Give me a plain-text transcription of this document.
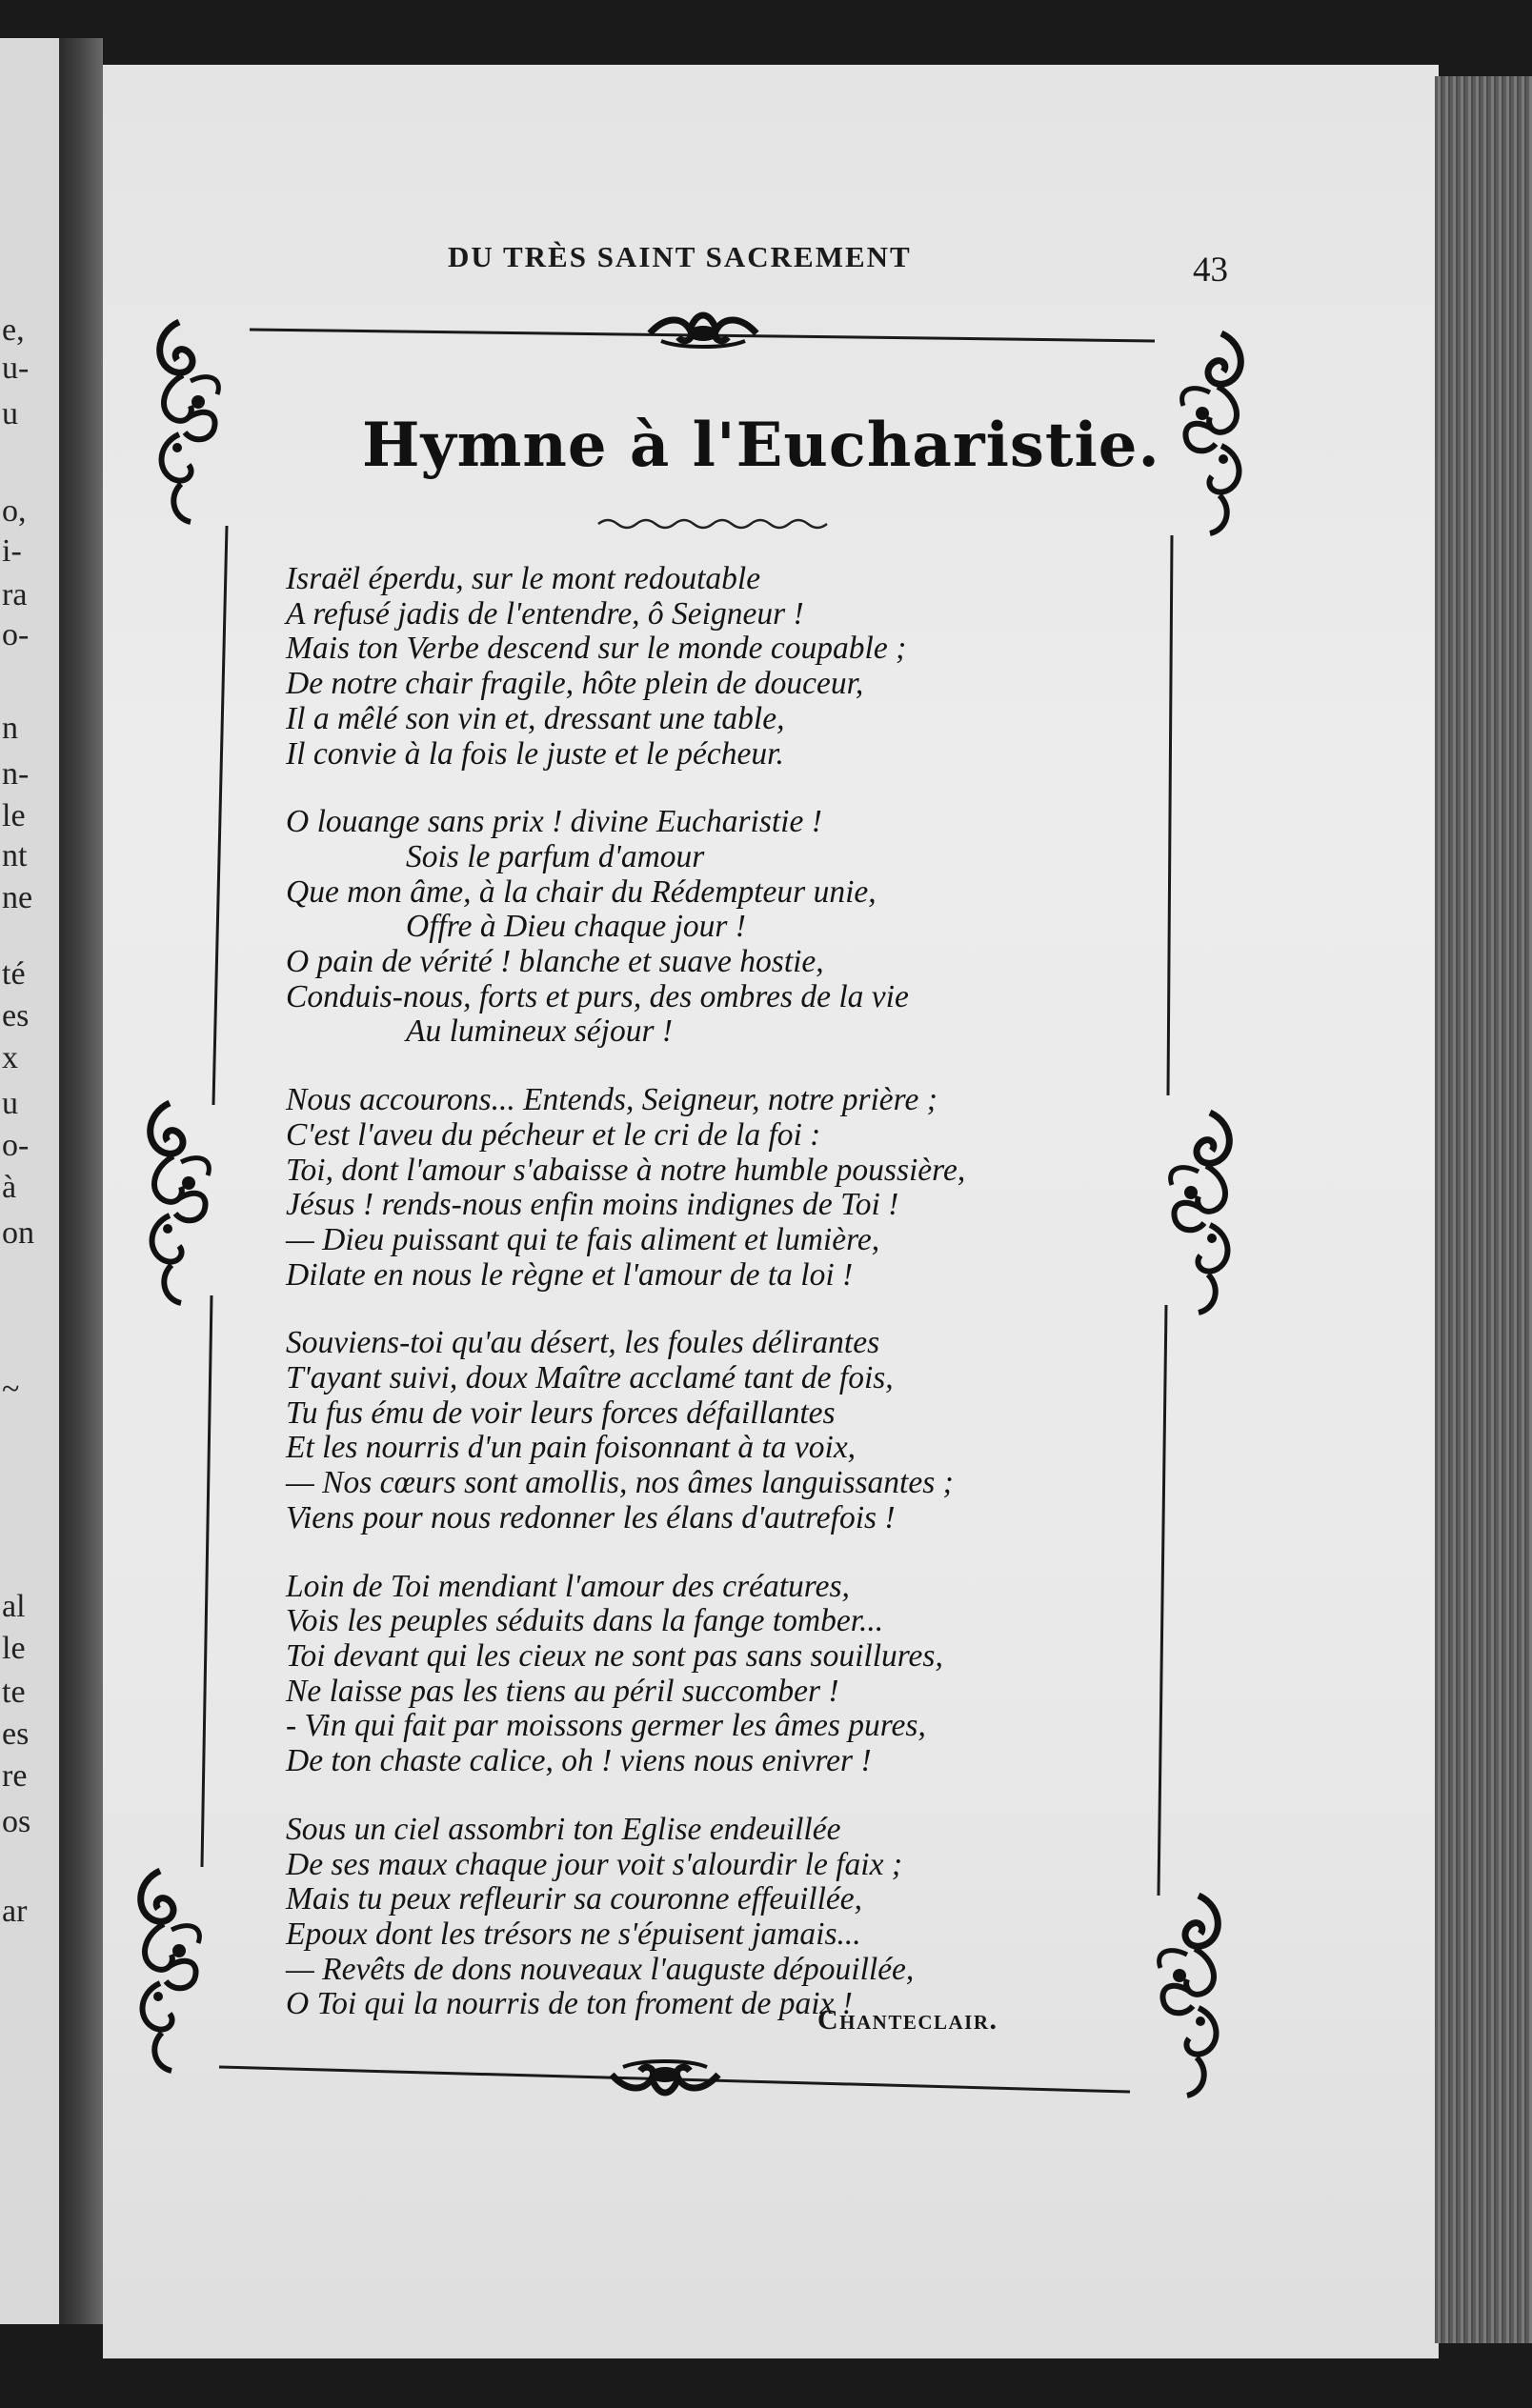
e,
u-
u
o,
i-
ra
o-
n
n-
le
nt
ne
té
es
x
u
o-
à
on
~
al
le
te
es
re
os
ar
DU TRÈS SAINT SACREMENT	43
Hymne à l'Eucharistie.
Israël éperdu, sur le mont redoutable
A refusé jadis de l'entendre, ô Seigneur !
Mais ton Verbe descend sur le monde coupable ;
De notre chair fragile, hôte plein de douceur,
Il a mêlé son vin et, dressant une table,
Il convie à la fois le juste et le pécheur.
O louange sans prix ! divine Eucharistie !
Sois le parfum d'amour
Que mon âme, à la chair du Rédempteur unie,
Offre à Dieu chaque jour !
O pain de vérité ! blanche et suave hostie,
Conduis-nous, forts et purs, des ombres de la vie
Au lumineux séjour !
Nous accourons... Entends, Seigneur, notre prière ;
C'est l'aveu du pécheur et le cri de la foi :
Toi, dont l'amour s'abaisse à notre humble poussière,
Jésus ! rends-nous enfin moins indignes de Toi !
— Dieu puissant qui te fais aliment et lumière,
Dilate en nous le règne et l'amour de ta loi !
Souviens-toi qu'au désert, les foules délirantes
T'ayant suivi, doux Maître acclamé tant de fois,
Tu fus ému de voir leurs forces défaillantes
Et les nourris d'un pain foisonnant à ta voix,
— Nos cœurs sont amollis, nos âmes languissantes ;
Viens pour nous redonner les élans d'autrefois !
Loin de Toi mendiant l'amour des créatures,
Vois les peuples séduits dans la fange tomber...
Toi devant qui les cieux ne sont pas sans souillures,
Ne laisse pas les tiens au péril succomber !
- Vin qui fait par moissons germer les âmes pures,
De ton chaste calice, oh ! viens nous enivrer !
Sous un ciel assombri ton Eglise endeuillée
De ses maux chaque jour voit s'alourdir le faix ;
Mais tu peux refleurir sa couronne effeuillée,
Epoux dont les trésors ne s'épuisent jamais...
— Revêts de dons nouveaux l'auguste dépouillée,
O Toi qui la nourris de ton froment de paix !
Chanteclair.
